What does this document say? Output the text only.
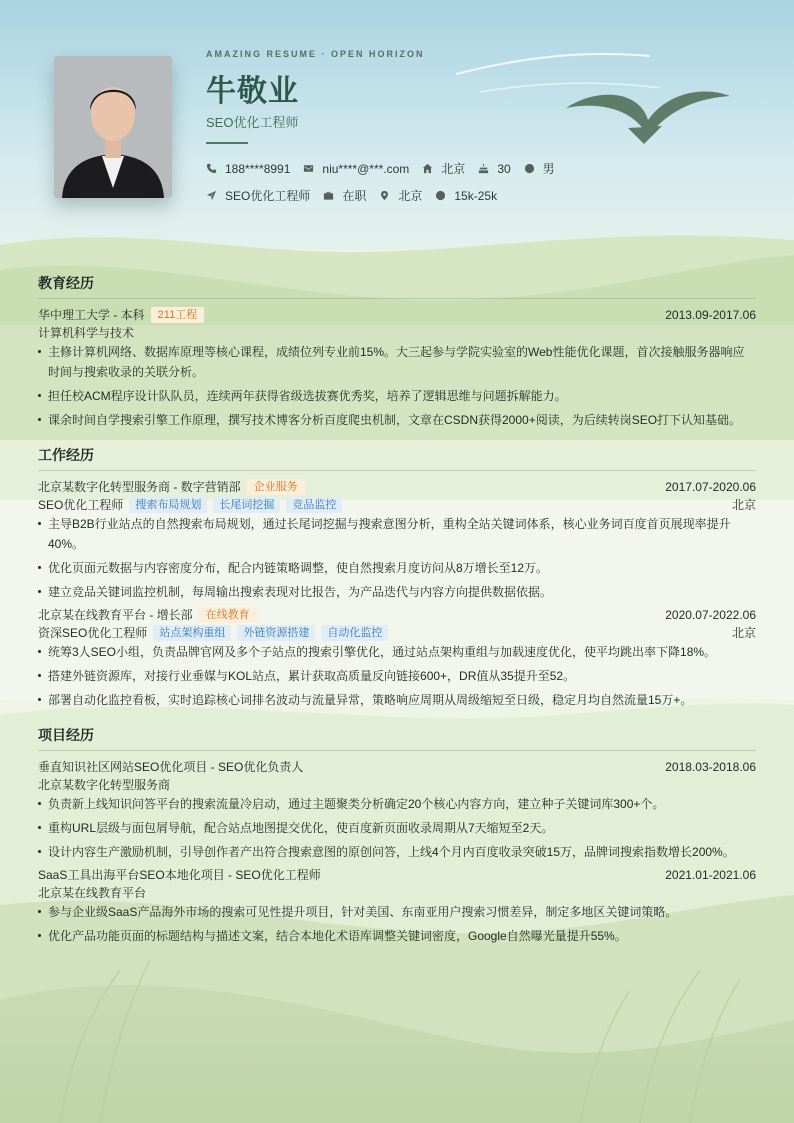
AMAZING RESUME · OPEN HORIZON
牛敬业
SEO优化工程师
188****8991	niu****@***.com	北京	30	男
SEO优化工程师	在职	北京	15k-25k
教育经历
华中理工大学 - 本科	211工程	2013.09-2017.06
计算机科学与技术
主修计算机网络、数据库原理等核心课程，成绩位列专业前15%。大三起参与学院实验室的Web性能优化课题，首次接触服务器响应时间与搜索收录的关联分析。
担任校ACM程序设计队队员，连续两年获得省级选拔赛优秀奖，培养了逻辑思维与问题拆解能力。
课余时间自学搜索引擎工作原理，撰写技术博客分析百度爬虫机制，文章在CSDN获得2000+阅读，为后续转岗SEO打下认知基础。
工作经历
北京某数字化转型服务商 - 数字营销部	企业服务	2017.07-2020.06
SEO优化工程师	搜索布局规划	长尾词挖掘	竞品监控	北京
主导B2B行业站点的自然搜索布局规划，通过长尾词挖掘与搜索意图分析，重构全站关键词体系，核心业务词百度首页展现率提升40%。
优化页面元数据与内容密度分布，配合内链策略调整，使自然搜索月度访问从8万增长至12万。
建立竞品关键词监控机制，每周输出搜索表现对比报告，为产品迭代与内容方向提供数据依据。
北京某在线教育平台 - 增长部	在线教育	2020.07-2022.06
资深SEO优化工程师	站点架构重组	外链资源搭建	自动化监控	北京
统筹3人SEO小组，负责品牌官网及多个子站点的搜索引擎优化，通过站点架构重组与加载速度优化，使平均跳出率下降18%。
搭建外链资源库，对接行业垂媒与KOL站点，累计获取高质量反向链接600+，DR值从35提升至52。
部署自动化监控看板，实时追踪核心词排名波动与流量异常，策略响应周期从周级缩短至日级，稳定月均自然流量15万+。
项目经历
垂直知识社区网站SEO优化项目 - SEO优化负责人	2018.03-2018.06
北京某数字化转型服务商
负责新上线知识问答平台的搜索流量冷启动，通过主题聚类分析确定20个核心内容方向，建立种子关键词库300+个。
重构URL层级与面包屑导航，配合站点地图提交优化，使百度新页面收录周期从7天缩短至2天。
设计内容生产激励机制，引导创作者产出符合搜索意图的原创问答，上线4个月内百度收录突破15万，品牌词搜索指数增长200%。
SaaS工具出海平台SEO本地化项目 - SEO优化工程师	2021.01-2021.06
北京某在线教育平台
参与企业级SaaS产品海外市场的搜索可见性提升项目，针对美国、东南亚用户搜索习惯差异，制定多地区关键词策略。
优化产品功能页面的标题结构与描述文案，结合本地化术语库调整关键词密度，Google自然曝光量提升55%。
